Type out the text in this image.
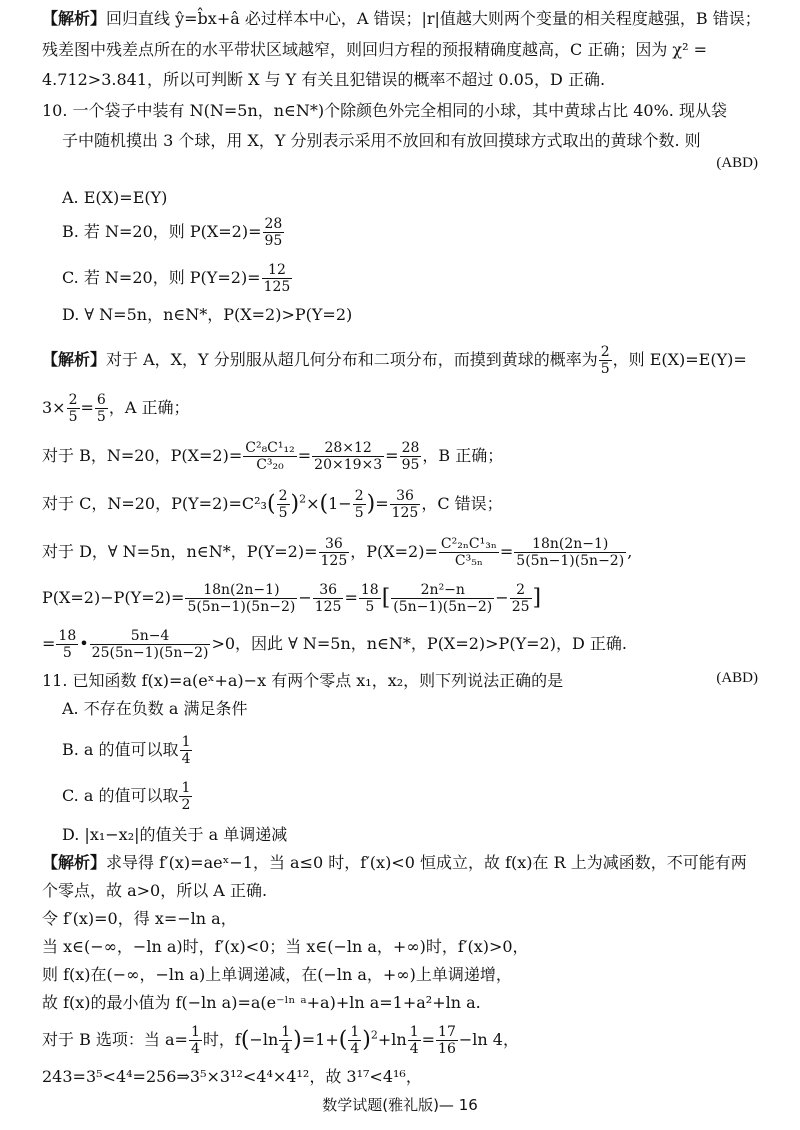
【解析】回归直线 ŷ=b̂x+â 必过样本中心，A 错误；|r|值越大则两个变量的相关程度越强，B 错误；
残差图中残差点所在的水平带状区域越窄，则回归方程的预报精确度越高，C 正确；因为 χ² =
4.712>3.841，所以可判断 X 与 Y 有关且犯错误的概率不超过 0.05，D 正确.
10. 一个袋子中装有 N(N=5n，n∈N*)个除颜色外完全相同的小球，其中黄球占比 40%. 现从袋
子中随机摸出 3 个球，用 X，Y 分别表示采用不放回和有放回摸球方式取出的黄球个数. 则
(ABD)
A. E(X)=E(Y)
B. 若 N=20，则 $P(X=2)= \frac{28}{95}$
C. 若 N=20，则 $P(Y=2)= \frac{12}{125}$
D. ∀ N=5n，n∈N*，P(X=2)>P(Y=2)
【解析】对于 A，X，Y 分别服从超几何分布和二项分布，而摸到黄球的概率为 $\frac{2}{5}$ ，则 E(X)=E(Y)=
$3\times \frac{2}{5} = \frac{6}{5}$ ，A 正确；
对于 B，N=20，$P(X=2)= \frac{\text{C²₈C¹₁₂}}{\text{C³₂₀}} = \frac{28\times 12}{20\times 19\times 3} = \frac{28}{95}$ ，B 正确；
对于 C，N=20，$P(Y=2)=C^2_3( \frac{2}{5} )^2\times(1- \frac{2}{5}$ )= $\frac{36}{125}$ ，C 错误；
对于 D，∀ N=5n，n∈N*，$P(Y=2)= \frac{36}{125}$ ，$P(X=2)= \frac{\text{C²₂ₙC¹₃ₙ}}{\text{C³₅ₙ}} = \frac{18n(2n-1)}{5(5n-1)(5n-2)}$ ,
$P(X=2)-P(Y=2)= \frac{18n(2n-1)}{5(5n-1)(5n-2)} - \frac{36}{125} = \frac{18}{5}$ [ $\frac{\text{2n²−n}}{(5n-1)(5n-2)} - \frac{2}{25}$ ]
= $\frac{18}{5}$ • $\frac{5n-4}{25(5n-1)(5n-2)} >0$，因此 ∀ N=5n，n∈N*，P(X=2)>P(Y=2)，D 正确.
11. 已知函数 f(x)=a(eˣ+a)−x 有两个零点 x₁，x₂，则下列说法正确的是	(ABD)
A. 不存在负数 a 满足条件
B. a 的值可以取 $\frac{1}{4}$
C. a 的值可以取 $\frac{1}{2}$
D. |x₁−x₂|的值关于 a 单调递减
【解析】求导得 f′(x)=aeˣ−1，当 a≤0 时，f′(x)<0 恒成立，故 f(x)在 R 上为减函数，不可能有两
个零点，故 a>0，所以 A 正确.
令 f′(x)=0，得 x=−ln a，
当 x∈(−∞，−ln a)时，f′(x)<0；当 x∈(−ln a，+∞)时，f′(x)>0，
则 f(x)在(−∞，−ln a)上单调递减，在(−ln a，+∞)上单调递增，
故 f(x)的最小值为 f(−ln a)=a(e⁻ˡⁿ ᵃ+a)+ln a=1+a²+ln a.
对于 B 选项：当 $a= \frac{1}{4}$ 时，$f(-\ln \frac{1}{4} )=1+( \frac{1}{4} )^2+\ln \frac{1}{4} = \frac{17}{16} -\ln$ 4，
243=3⁵<4⁴=256⇒3⁵×3¹²<4⁴×4¹²，故 3¹⁷<4¹⁶，
数学试题(雅礼版)— 16
